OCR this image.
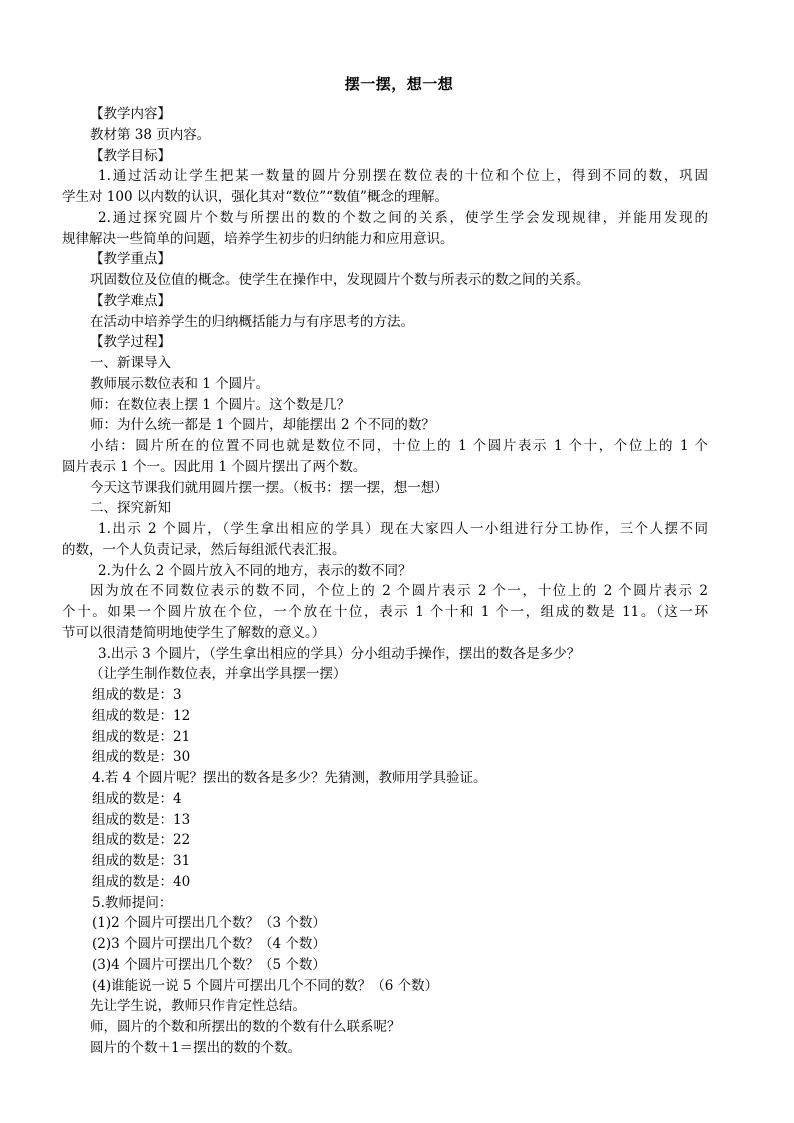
摆一摆，想一想
【教学内容】
教材第 38 页内容。
【教学目标】
1.通过活动让学生把某一数量的圆片分别摆在数位表的十位和个位上，得到不同的数，巩固
学生对 100 以内数的认识，强化其对“数位”“数值”概念的理解。
2.通过探究圆片个数与所摆出的数的个数之间的关系，使学生学会发现规律，并能用发现的
规律解决一些简单的问题，培养学生初步的归纳能力和应用意识。
【教学重点】
巩固数位及位值的概念。使学生在操作中，发现圆片个数与所表示的数之间的关系。
【教学难点】
在活动中培养学生的归纳概括能力与有序思考的方法。
【教学过程】
一、新课导入
教师展示数位表和 1 个圆片。
师：在数位表上摆 1 个圆片。这个数是几？
师：为什么统一都是 1 个圆片，却能摆出 2 个不同的数？
小结：圆片所在的位置不同也就是数位不同，十位上的 1 个圆片表示 1 个十，个位上的 1 个
圆片表示 1 个一。因此用 1 个圆片摆出了两个数。
今天这节课我们就用圆片摆一摆。（板书：摆一摆，想一想）
二、探究新知
1.出示 2 个圆片，（学生拿出相应的学具）现在大家四人一小组进行分工协作，三个人摆不同
的数，一个人负责记录，然后每组派代表汇报。
2.为什么 2 个圆片放入不同的地方，表示的数不同？
因为放在不同数位表示的数不同，个位上的 2 个圆片表示 2 个一，十位上的 2 个圆片表示 2
个十。如果一个圆片放在个位，一个放在十位，表示 1 个十和 1 个一，组成的数是 11。（这一环
节可以很清楚简明地使学生了解数的意义。）
3.出示 3 个圆片，（学生拿出相应的学具）分小组动手操作，摆出的数各是多少？
（让学生制作数位表，并拿出学具摆一摆）
组成的数是：3
组成的数是：12
组成的数是：21
组成的数是：30
4.若 4 个圆片呢？摆出的数各是多少？先猜测，教师用学具验证。
组成的数是：4
组成的数是：13
组成的数是：22
组成的数是：31
组成的数是：40
5.教师提问：
(1)2 个圆片可摆出几个数？（3 个数）
(2)3 个圆片可摆出几个数？（4 个数）
(3)4 个圆片可摆出几个数？（5 个数）
(4)谁能说一说 5 个圆片可摆出几个不同的数？（6 个数）
先让学生说，教师只作肯定性总结。
师，圆片的个数和所摆出的数的个数有什么联系呢？
圆片的个数＋1＝摆出的数的个数。
